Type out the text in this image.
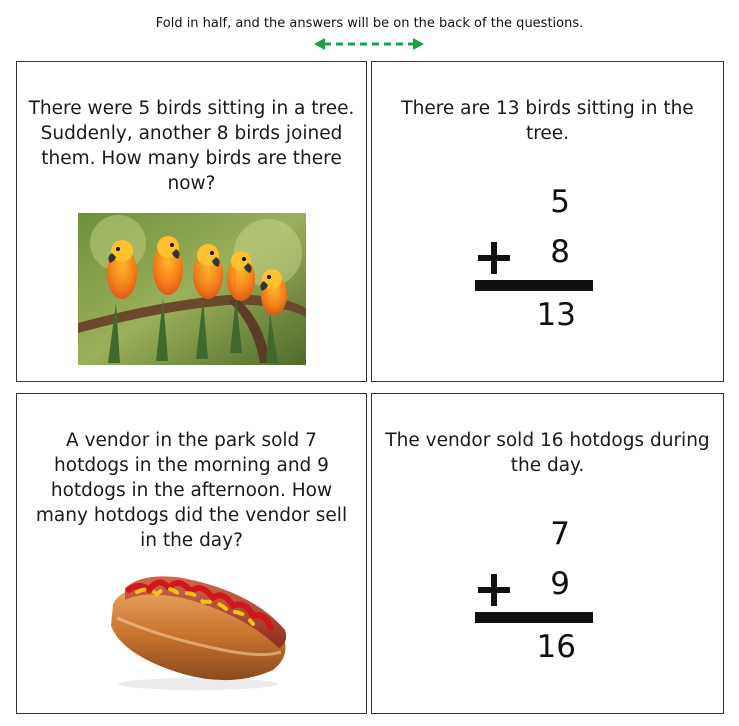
Fold in half, and the answers will be on the back of the questions.
There were 5 birds sitting in a tree. Suddenly, another 8 birds joined them. How many birds are there now?
There are 13 birds sitting in the tree.
5
8
13
A vendor in the park sold 7 hotdogs in the morning and 9 hotdogs in the afternoon. How many hotdogs did the vendor sell in the day?
The vendor sold 16 hotdogs during the day.
7
9
16
